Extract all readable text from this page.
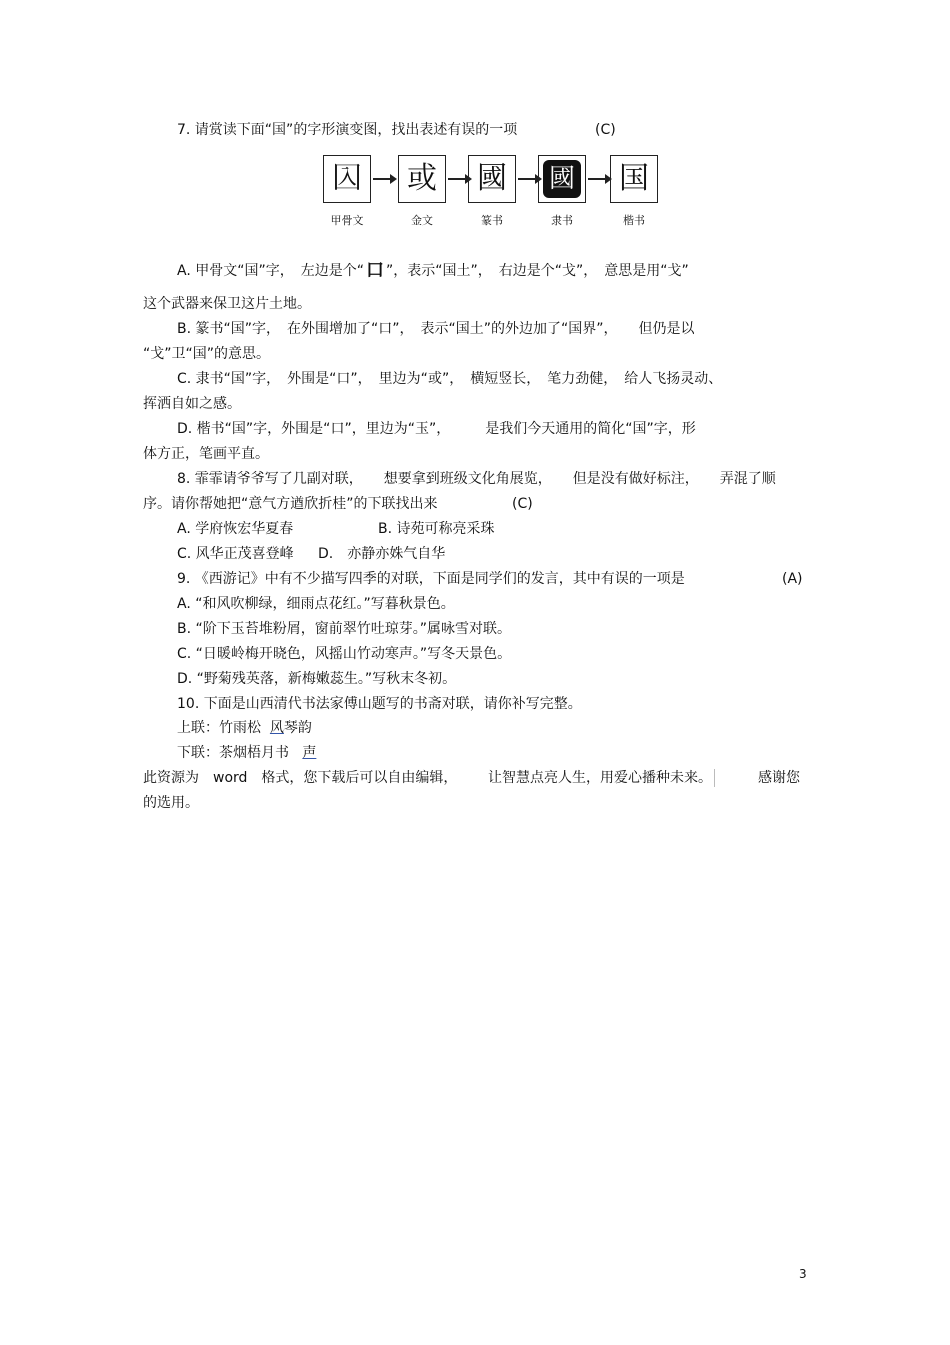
7. 请赏读下面“国”的字形演变图，找出表述有误的一项	(C)
𡆣 或 國 國 国
甲骨文	金文	篆书	隶书	楷书
A. 甲骨文“国”字，　左边是个“ 口 ”，表示“国土”，　右边是个“戈”，　意思是用“戈”
这个武器来保卫这片土地。
B. 篆书“国”字，　在外围增加了“口”，　表示“国土”的外边加了“国界”，　　但仍是以
“戈”卫“国”的意思。
C. 隶书“国”字，　外围是“口”，　里边为“或”，　横短竖长，　笔力劲健，　给人飞扬灵动、
挥洒自如之感。
D. 楷书“国”字，外围是“口”，里边为“玉”，　　　是我们今天通用的简化“国”字，形
体方正，笔画平直。
8. 霏霏请爷爷写了几副对联，　　想要拿到班级文化角展览，　　但是没有做好标注，　　弄混了顺
序。请你帮她把“意气方遒欣折桂”的下联找出来	(C)
A. 学府恢宏华夏春	B. 诗苑可称亮采珠
C. 风华正茂喜登峰 D.　亦静亦姝气自华
9. 《西游记》中有不少描写四季的对联，下面是同学们的发言，其中有误的一项是	(A)
A. “和风吹柳绿，细雨点花红。”写暮秋景色。
B. “阶下玉苔堆粉屑，窗前翠竹吐琼芽。”属咏雪对联。
C. “日暖岭梅开晓色，风摇山竹动寒声。”写冬天景色。
D. “野菊残英落，新梅嫩蕊生。”写秋末冬初。
10. 下面是山西清代书法家傅山题写的书斋对联，请你补写完整。
上联：竹雨松 风琴韵
下联：茶烟梧月书 声
此资源为　word　格式，您下载后可以自由编辑， 让智慧点亮人生，用爱心播种未来。	感谢您
的选用。
3
